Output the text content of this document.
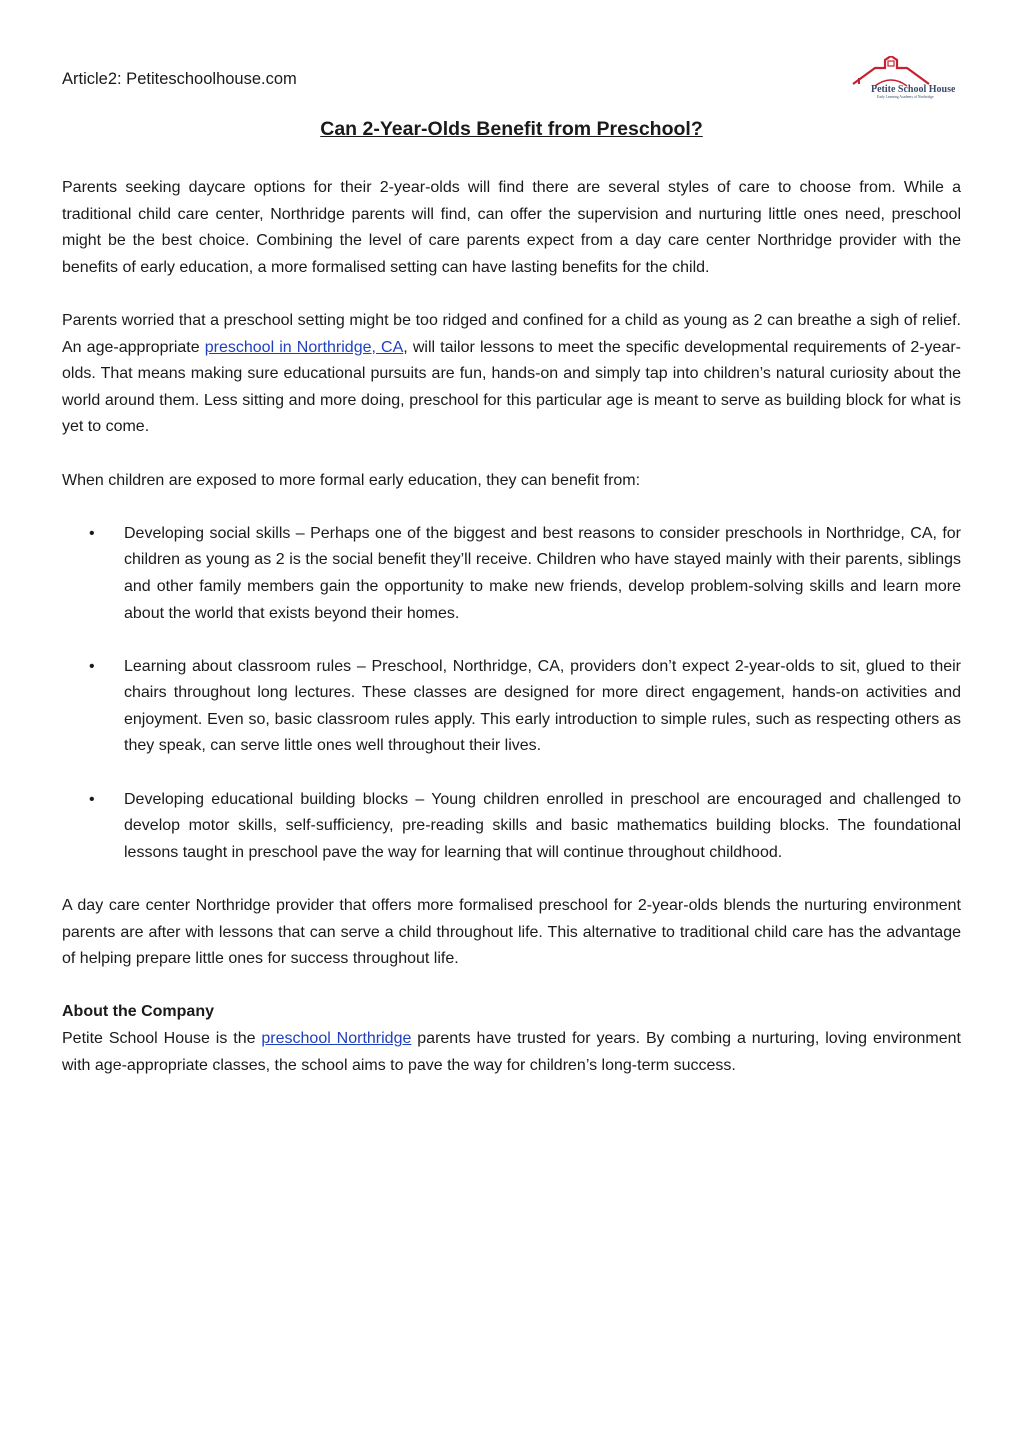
Article2: Petiteschoolhouse.com
Petite School House
Early Learning Academy of Northridge
Can 2-Year-Olds Benefit from Preschool?

Parents seeking daycare options for their 2-year-olds will find there are several styles of care to choose from. While a traditional child care center, Northridge parents will find, can offer the supervision and nurturing little ones need, preschool might be the best choice. Combining the level of care parents expect from a day care center Northridge provider with the benefits of early education, a more formalised setting can have lasting benefits for the child.

Parents worried that a preschool setting might be too ridged and confined for a child as young as 2 can breathe a sigh of relief. An age-appropriate preschool in Northridge, CA, will tailor lessons to meet the specific developmental requirements of 2-year-olds. That means making sure educational pursuits are fun, hands-on and simply tap into children’s natural curiosity about the world around them. Less sitting and more doing, preschool for this particular age is meant to serve as building block for what is yet to come.

When children are exposed to more formal early education, they can benefit from:

• Developing social skills – Perhaps one of the biggest and best reasons to consider preschools in Northridge, CA, for children as young as 2 is the social benefit they’ll receive. Children who have stayed mainly with their parents, siblings and other family members gain the opportunity to make new friends, develop problem-solving skills and learn more about the world that exists beyond their homes.
• Learning about classroom rules – Preschool, Northridge, CA, providers don’t expect 2-year-olds to sit, glued to their chairs throughout long lectures. These classes are designed for more direct engagement, hands-on activities and enjoyment. Even so, basic classroom rules apply. This early introduction to simple rules, such as respecting others as they speak, can serve little ones well throughout their lives.
• Developing educational building blocks – Young children enrolled in preschool are encouraged and challenged to develop motor skills, self-sufficiency, pre-reading skills and basic mathematics building blocks. The foundational lessons taught in preschool pave the way for learning that will continue throughout childhood.

A day care center Northridge provider that offers more formalised preschool for 2-year-olds blends the nurturing environment parents are after with lessons that can serve a child throughout life. This alternative to traditional child care has the advantage of helping prepare little ones for success throughout life.

About the Company

Petite School House is the preschool Northridge parents have trusted for years. By combing a nurturing, loving environment with age-appropriate classes, the school aims to pave the way for children’s long-term success.
